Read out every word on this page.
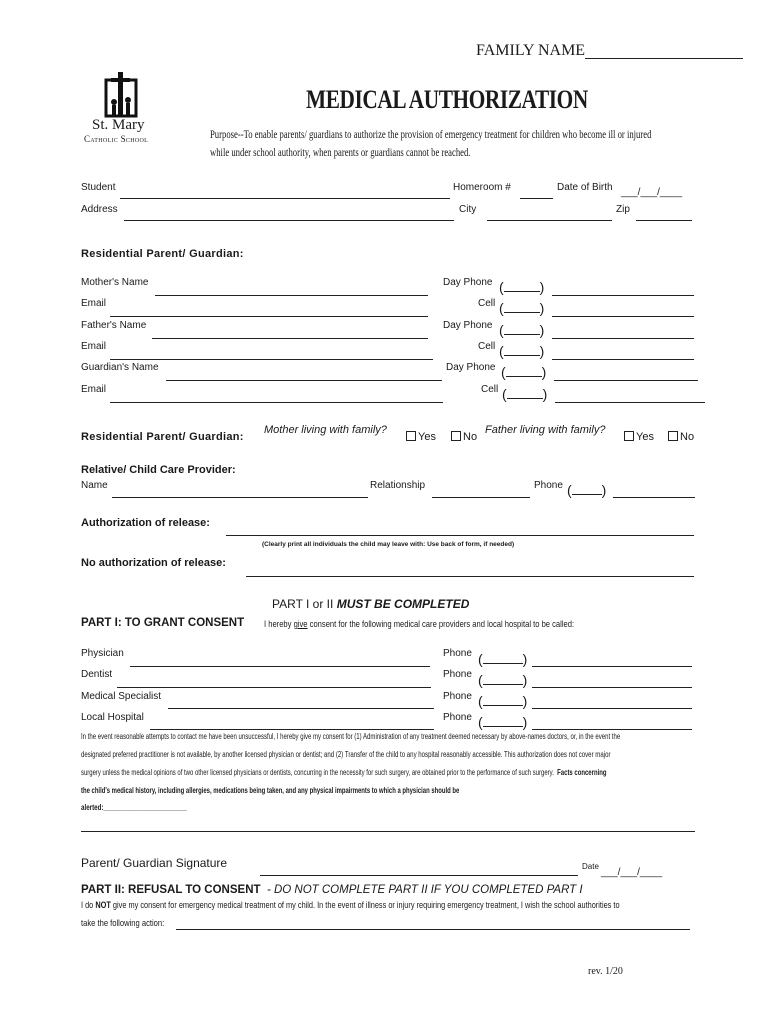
FAMILY NAME
St. Mary
Catholic School
MEDICAL AUTHORIZATION
Purpose--To enable parents/ guardians to authorize the provision of emergency treatment for children who become ill or injured
while under school authority, when parents or guardians cannot be reached.
Student	Homeroom #	Date of Birth ___/___/____
Address	City	Zip
Residential Parent/ Guardian:
Mother's Name	Day Phone (	)
Email	Cell (	)
Father's Name	Day Phone (	)
Email	Cell (	)
Guardian's Name	Day Phone (	)
Email	Cell (	)
Residential Parent/ Guardian:
Mother living with family?
Yes	No
Father living with family?
Yes	No
Relative/ Child Care Provider:
Name	Relationship	Phone ( )
Authorization of release:
(Clearly print all individuals the child may leave with: Use back of form, if needed)
No authorization of release:
PART I or II MUST BE COMPLETED
PART I: TO GRANT CONSENT I hereby give consent for the following medical care providers and local hospital to be called:
Physician	Phone (	)
Dentist	Phone (	)
Medical Specialist	Phone (	)
Local Hospital	Phone (	)
In the event reasonable attempts to contact me have been unsuccessful, I hereby give my consent for (1) Administration of any treatment deemed necessary by above-names doctors, or, in the event the
designated preferred practitioner is not available, by another licensed physician or dentist; and (2) Transfer of the child to any hospital reasonably accessible. This authorization does not cover major
surgery unless the medical opinions of two other licensed physicians or dentists, concurring in the necessity for such surgery, are obtained prior to the performance of such surgery. Facts concerning
the child's medical history, including allergies, medications being taken, and any physical impairments to which a physician should be
alerted:________________________
Parent/ Guardian Signature	Date
___/___/____
PART II: REFUSAL TO CONSENT - DO NOT COMPLETE PART II IF YOU COMPLETED PART I
I do NOT give my consent for emergency medical treatment of my child. In the event of illness or injury requiring emergency treatment, I wish the school authorities to
take the following action:
rev. 1/20
